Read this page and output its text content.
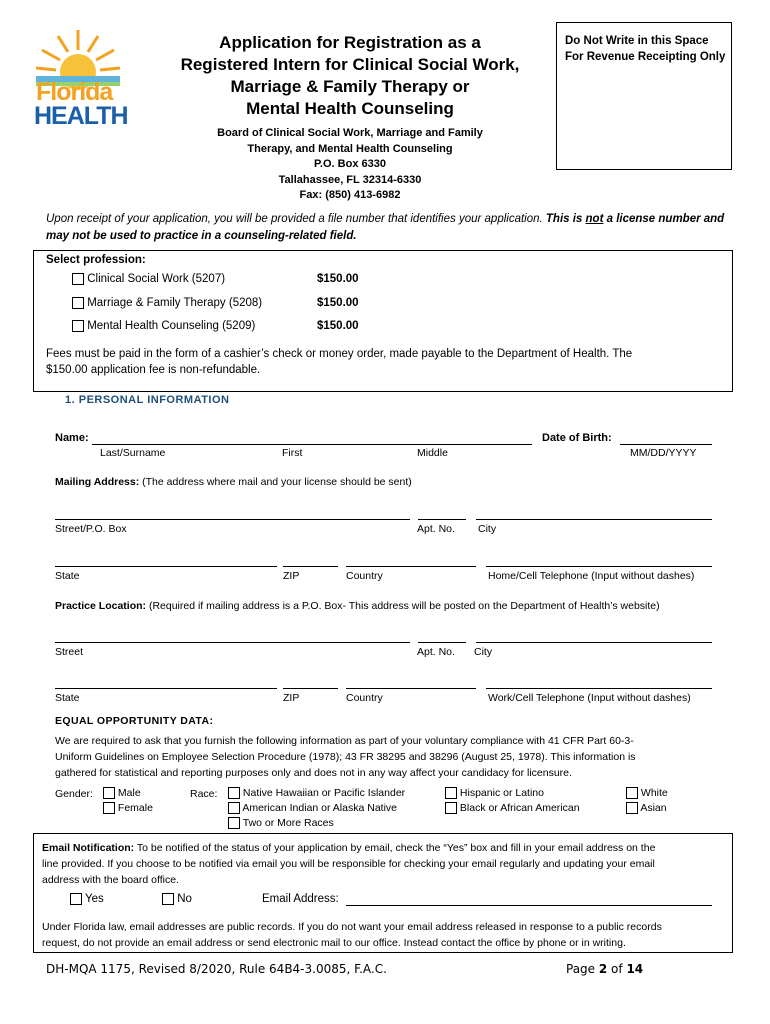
Florida
HEALTH
Application for Registration as a
Registered Intern for Clinical Social Work,
Marriage & Family Therapy or
Mental Health Counseling
Board of Clinical Social Work, Marriage and Family
Therapy, and Mental Health Counseling
P.O. Box 6330
Tallahassee, FL 32314-6330
Fax: (850) 413-6982
Do Not Write in this Space
For Revenue Receipting Only
Upon receipt of your application, you will be provided a file number that identifies your application. This is not a license number and may not be used to practice in a counseling-related field.
Select profession:
Clinical Social Work (5207)	$150.00
Marriage & Family Therapy (5208)	$150.00
Mental Health Counseling (5209)	$150.00
Fees must be paid in the form of a cashier’s check or money order, made payable to the Department of Health. The
$150.00 application fee is non-refundable.
1. PERSONAL INFORMATION
Name:	Date of Birth:
Last/Surname	First	Middle	MM/DD/YYYY
Mailing Address: (The address where mail and your license should be sent)
Street/P.O. Box	Apt. No. City
State	ZIP	Country	Home/Cell Telephone (Input without dashes)
Practice Location: (Required if mailing address is a P.O. Box- This address will be posted on the Department of Health’s website)
Street	Apt. No. City
State	ZIP	Country	Work/Cell Telephone (Input without dashes)
EQUAL OPPORTUNITY DATA:
We are required to ask that you furnish the following information as part of your voluntary compliance with 41 CFR Part 60-3-
Uniform Guidelines on Employee Selection Procedure (1978); 43 FR 38295 and 38296 (August 25, 1978). This information is
gathered for statistical and reporting purposes only and does not in any way affect your candidacy for licensure.
Gender:	Male
Female
Race:	Native Hawaiian or Pacific Islander
American Indian or Alaska Native
Two or More Races
Hispanic or Latino
Black or African American
White
Asian
Email Notification: To be notified of the status of your application by email, check the “Yes” box and fill in your email address on the
line provided. If you choose to be notified via email you will be responsible for checking your email regularly and updating your email
address with the board office.
Yes	No	Email Address:
Under Florida law, email addresses are public records. If you do not want your email address released in response to a public records
request, do not provide an email address or send electronic mail to our office. Instead contact the office by phone or in writing.
DH-MQA 1175, Revised 8/2020, Rule 64B4-3.0085, F.A.C.	Page 2 of 14
